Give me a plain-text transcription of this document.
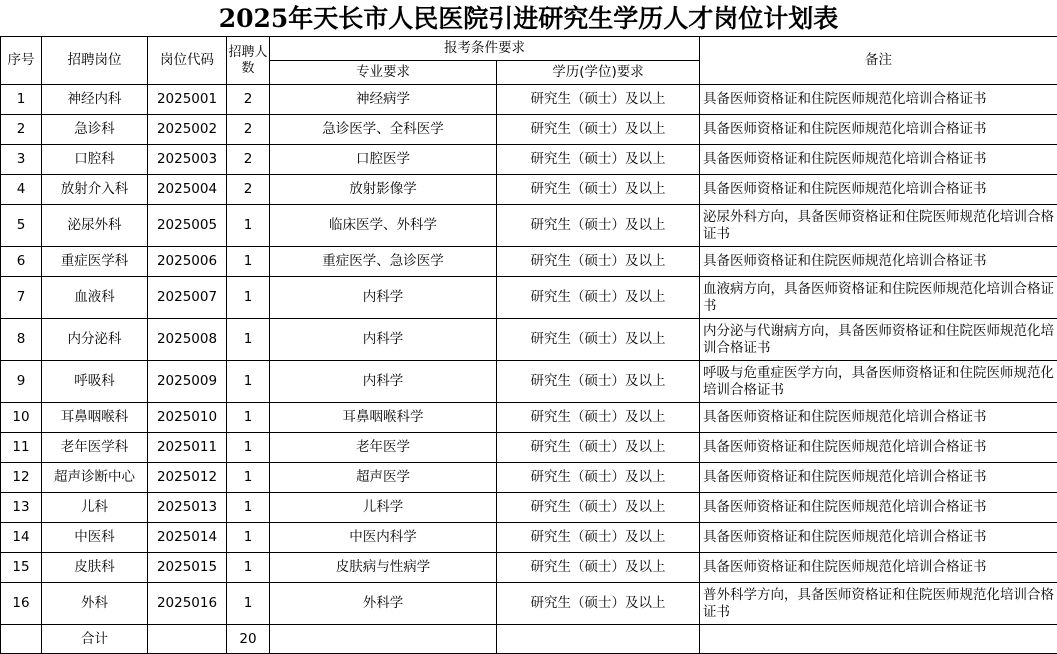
2025年天长市人民医院引进研究生学历人才岗位计划表
序号	招聘岗位	岗位代码	招聘人数	报考条件要求		备注
				专业要求	学历(学位)要求	
1	神经内科	2025001	2	神经病学	研究生（硕士）及以上	具备医师资格证和住院医师规范化培训合格证书
2	急诊科	2025002	2	急诊医学、全科医学	研究生（硕士）及以上	具备医师资格证和住院医师规范化培训合格证书
3	口腔科	2025003	2	口腔医学	研究生（硕士）及以上	具备医师资格证和住院医师规范化培训合格证书
4	放射介入科	2025004	2	放射影像学	研究生（硕士）及以上	具备医师资格证和住院医师规范化培训合格证书
5	泌尿外科	2025005	1	临床医学、外科学	研究生（硕士）及以上	泌尿外科方向，具备医师资格证和住院医师规范化培训合格证书
6	重症医学科	2025006	1	重症医学、急诊医学	研究生（硕士）及以上	具备医师资格证和住院医师规范化培训合格证书
7	血液科	2025007	1	内科学	研究生（硕士）及以上	血液病方向，具备医师资格证和住院医师规范化培训合格证书
8	内分泌科	2025008	1	内科学	研究生（硕士）及以上	内分泌与代谢病方向，具备医师资格证和住院医师规范化培训合格证书
9	呼吸科	2025009	1	内科学	研究生（硕士）及以上	呼吸与危重症医学方向，具备医师资格证和住院医师规范化培训合格证书
10	耳鼻咽喉科	2025010	1	耳鼻咽喉科学	研究生（硕士）及以上	具备医师资格证和住院医师规范化培训合格证书
11	老年医学科	2025011	1	老年医学	研究生（硕士）及以上	具备医师资格证和住院医师规范化培训合格证书
12	超声诊断中心	2025012	1	超声医学	研究生（硕士）及以上	具备医师资格证和住院医师规范化培训合格证书
13	儿科	2025013	1	儿科学	研究生（硕士）及以上	具备医师资格证和住院医师规范化培训合格证书
14	中医科	2025014	1	中医内科学	研究生（硕士）及以上	具备医师资格证和住院医师规范化培训合格证书
15	皮肤科	2025015	1	皮肤病与性病学	研究生（硕士）及以上	具备医师资格证和住院医师规范化培训合格证书
16	外科	2025016	1	外科学	研究生（硕士）及以上	普外科学方向，具备医师资格证和住院医师规范化培训合格证书
	合计		20			
